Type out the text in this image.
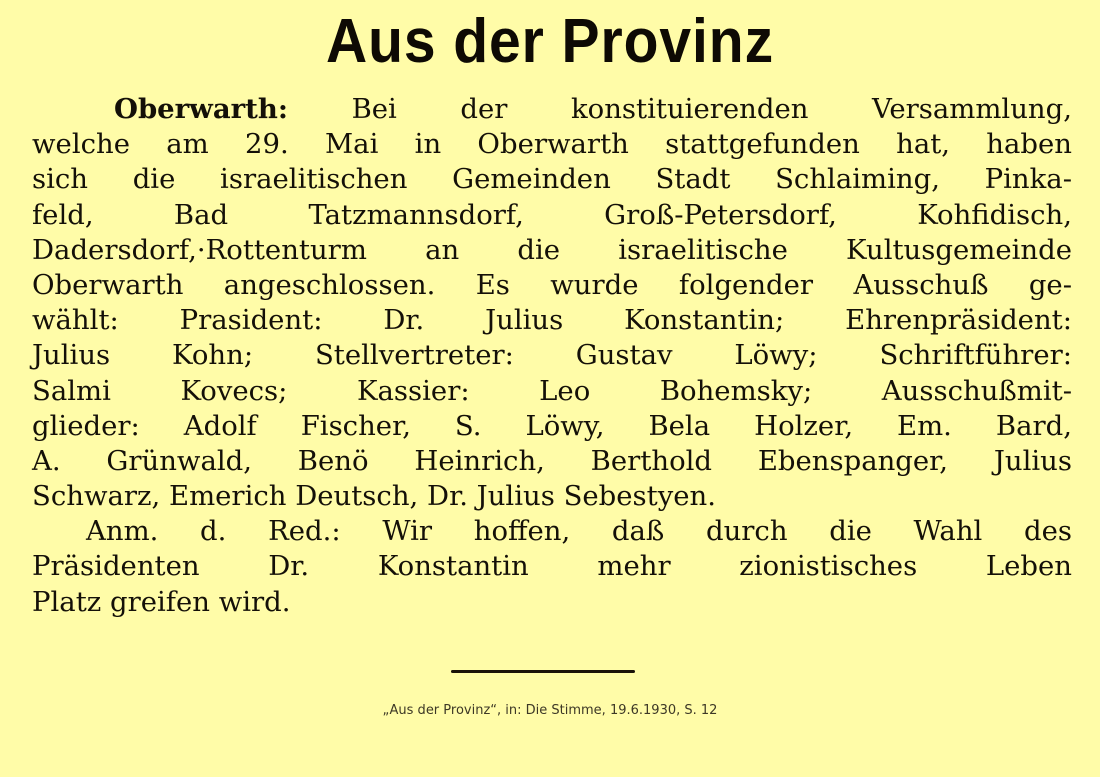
Aus der Provinz
Oberwarth: Bei der konstituierenden Versammlung,
welche am 29. Mai in Oberwarth stattgefunden hat, haben
sich die israelitischen Gemeinden Stadt Schlaiming, Pinka-
feld, Bad Tatzmannsdorf, Groß-Petersdorf, Kohfidisch,
Dadersdorf,·Rottenturm an die israelitische Kultusgemeinde
Oberwarth angeschlossen. Es wurde folgender Ausschuß ge-
wählt: Prasident: Dr. Julius Konstantin; Ehrenpräsident:
Julius Kohn; Stellvertreter: Gustav Löwy; Schriftführer:
Salmi Kovecs; Kassier: Leo Bohemsky; Ausschußmit-
glieder: Adolf Fischer, S. Löwy, Bela Holzer, Em. Bard,
A. Grünwald, Benö Heinrich, Berthold Ebenspanger, Julius
Schwarz, Emerich Deutsch, Dr. Julius Sebestyen.
Anm. d. Red.: Wir hoffen, daß durch die Wahl des
Präsidenten Dr. Konstantin mehr zionistisches Leben
Platz greifen wird.
„Aus der Provinz“, in: Die Stimme, 19.6.1930, S. 12
